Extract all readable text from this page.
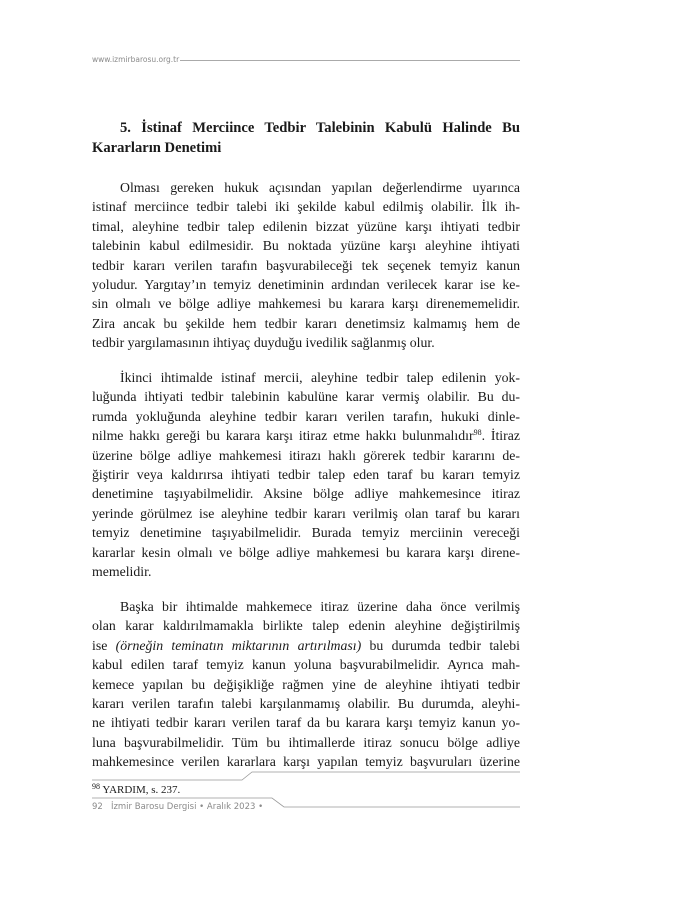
www.izmirbarosu.org.tr
5. İstinaf Merciince Tedbir Talebinin Kabulü Halinde Bu
Kararların Denetimi
Olması gereken hukuk açısından yapılan değerlendirme uyarınca
istinaf merciince tedbir talebi iki şekilde kabul edilmiş olabilir. İlk ih-
timal, aleyhine tedbir talep edilenin bizzat yüzüne karşı ihtiyati tedbir
talebinin kabul edilmesidir. Bu noktada yüzüne karşı aleyhine ihtiyati
tedbir kararı verilen tarafın başvurabileceği tek seçenek temyiz kanun
yoludur. Yargıtay’ın temyiz denetiminin ardından verilecek karar ise ke-
sin olmalı ve bölge adliye mahkemesi bu karara karşı direnememelidir.
Zira ancak bu şekilde hem tedbir kararı denetimsiz kalmamış hem de
tedbir yargılamasının ihtiyaç duyduğu ivedilik sağlanmış olur.
İkinci ihtimalde istinaf mercii, aleyhine tedbir talep edilenin yok-
luğunda ihtiyati tedbir talebinin kabulüne karar vermiş olabilir. Bu du-
rumda yokluğunda aleyhine tedbir kararı verilen tarafın, hukuki dinle-
nilme hakkı gereği bu karara karşı itiraz etme hakkı bulunmalıdır$^{98}$. İtiraz
üzerine bölge adliye mahkemesi itirazı haklı görerek tedbir kararını de-
ğiştirir veya kaldırırsa ihtiyati tedbir talep eden taraf bu kararı temyiz
denetimine taşıyabilmelidir. Aksine bölge adliye mahkemesince itiraz
yerinde görülmez ise aleyhine tedbir kararı verilmiş olan taraf bu kararı
temyiz denetimine taşıyabilmelidir. Burada temyiz merciinin vereceği
kararlar kesin olmalı ve bölge adliye mahkemesi bu karara karşı direne-
memelidir.
Başka bir ihtimalde mahkemece itiraz üzerine daha önce verilmiş
olan karar kaldırılmamakla birlikte talep edenin aleyhine değiştirilmiş
ise (örneğin teminatın miktarının artırılması) bu durumda tedbir talebi
kabul edilen taraf temyiz kanun yoluna başvurabilmelidir. Ayrıca mah-
kemece yapılan bu değişikliğe rağmen yine de aleyhine ihtiyati tedbir
kararı verilen tarafın talebi karşılanmamış olabilir. Bu durumda, aleyhi-
ne ihtiyati tedbir kararı verilen taraf da bu karara karşı temyiz kanun yo-
luna başvurabilmelidir. Tüm bu ihtimallerde itiraz sonucu bölge adliye
mahkemesince verilen kararlara karşı yapılan temyiz başvuruları üzerine
$^{98}$ YARDIM, s. 237.
92 İzmir Barosu Dergisi • Aralık 2023 •
